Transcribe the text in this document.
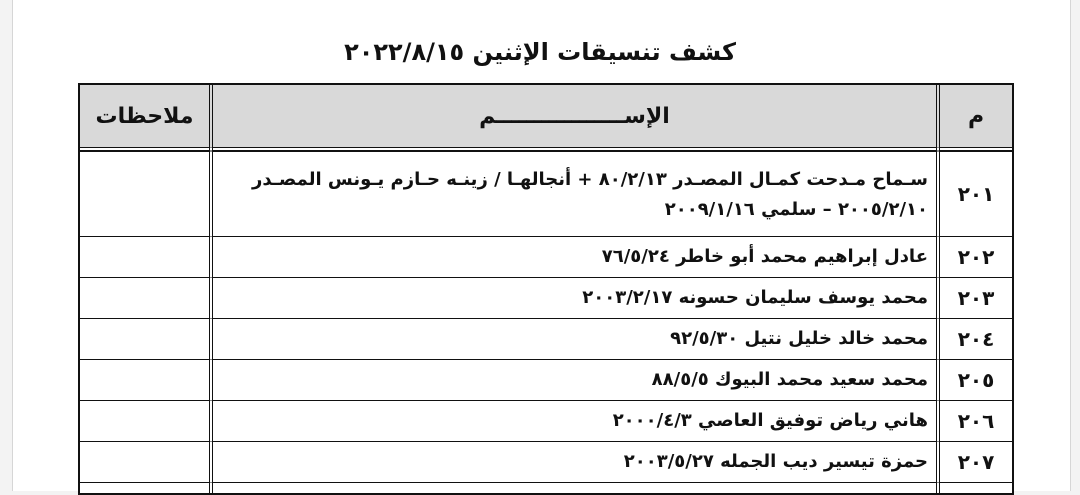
كشف تنسيقات الإثنين ٢٠٢٢/٨/١٥
م	الإســـــــــــــــــم	ملاحظات

٢٠١	سـماح مـدحت كمـال المصـدر ٨٠/٢/١٣ + أنجالهـا / زينـه حـازم يـونس المصـدر ٢٠٠٥/٢/١٠ – سلمي ٢٠٠٩/١/١٦	
٢٠٢	عادل إبراهيم محمد أبو خاطر ٧٦/٥/٢٤	
٢٠٣	محمد يوسف سليمان حسونه ٢٠٠٣/٢/١٧	
٢٠٤	محمد خالد خليل نتيل ٩٢/٥/٣٠	
٢٠٥	محمد سعيد محمد البيوك ٨٨/٥/٥	
٢٠٦	هاني رياض توفيق العاصي ٢٠٠٠/٤/٣	
٢٠٧	حمزة تيسير ديب الجمله ٢٠٠٣/٥/٢٧	
